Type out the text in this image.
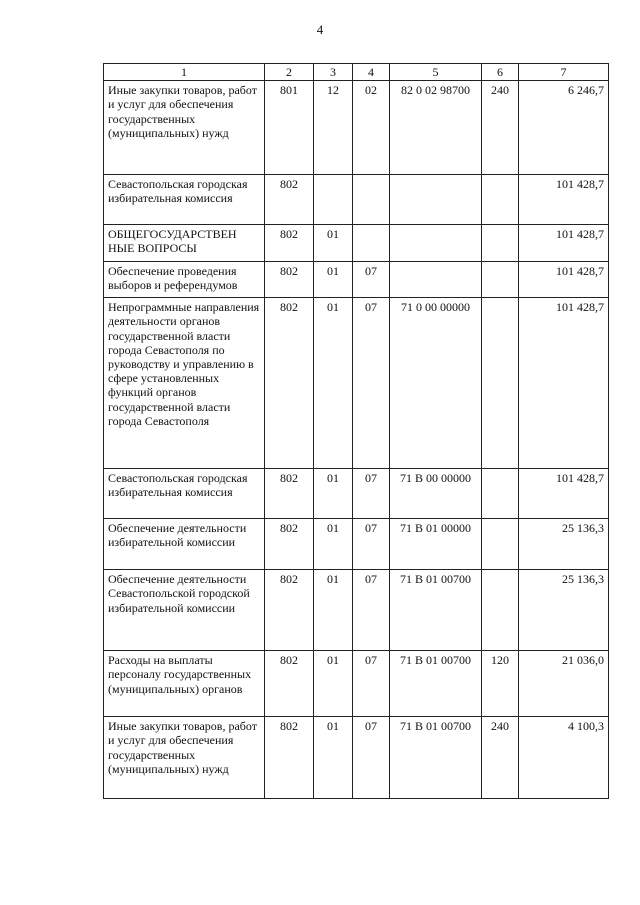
4
1	2	3	4	5	6	7
Иные закупки товаров, работ и услуг для обеспечения государственных (муниципальных) нужд	801	12	02	82 0 02 98700	240	6 246,7
Севастопольская городская избирательная комиссия	802					101 428,7
ОБЩЕГОСУДАРСТВЕН НЫЕ ВОПРОСЫ	802	01				101 428,7
Обеспечение проведения выборов и референдумов	802	01	07			101 428,7
Непрограммные направления деятельности органов государственной власти города Севастополя по руководству и управлению в сфере установленных функций органов государственной власти города Севастополя	802	01	07	71 0 00 00000		101 428,7
Севастопольская городская избирательная комиссия	802	01	07	71 В 00 00000		101 428,7
Обеспечение деятельности избирательной комиссии	802	01	07	71 В 01 00000		25 136,3
Обеспечение деятельности Севастопольской городской избирательной комиссии	802	01	07	71 В 01 00700		25 136,3
Расходы на выплаты персоналу государственных (муниципальных) органов	802	01	07	71 В 01 00700	120	21 036,0
Иные закупки товаров, работ и услуг для обеспечения государственных (муниципальных) нужд	802	01	07	71 В 01 00700	240	4 100,3
